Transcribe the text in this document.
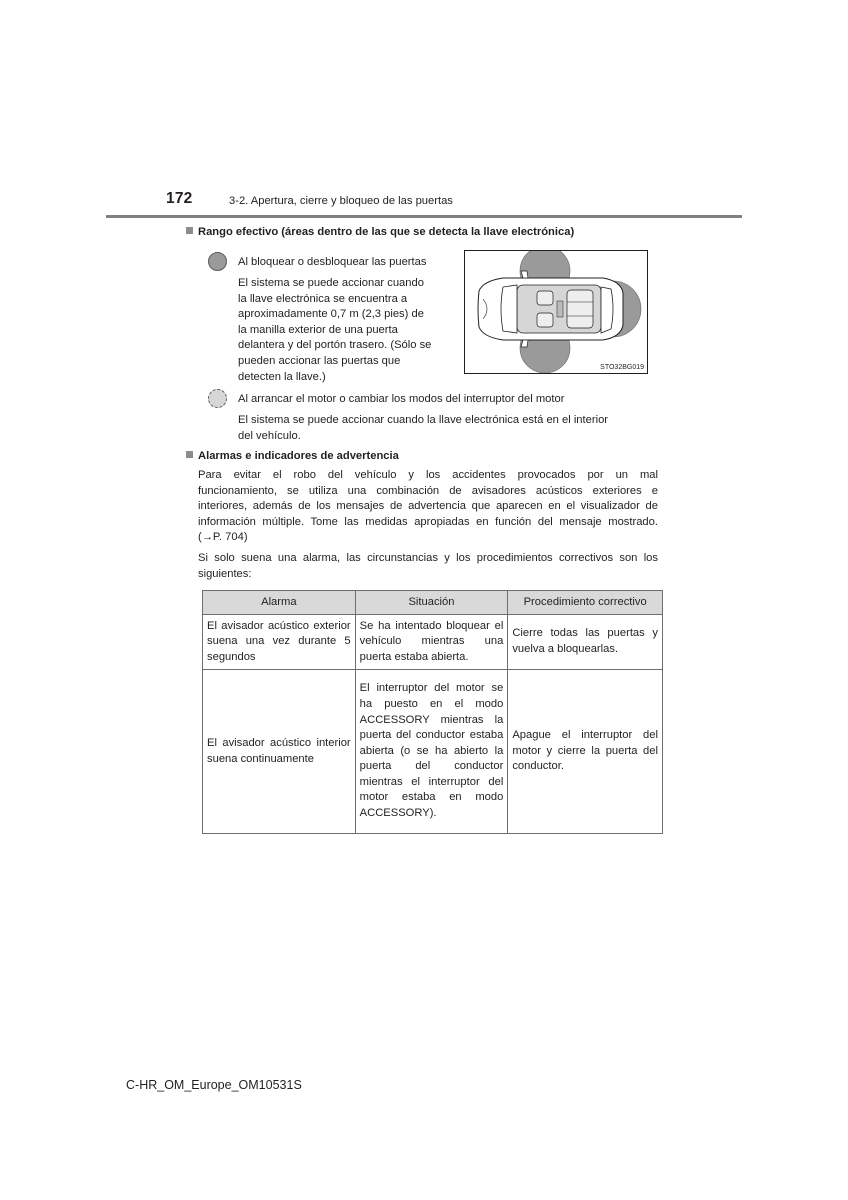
172	3-2. Apertura, cierre y bloqueo de las puertas
Rango efectivo (áreas dentro de las que se detecta la llave electrónica)
Al bloquear o desbloquear las puertas
El sistema se puede accionar cuando
la llave electrónica se encuentra a
aproximadamente 0,7 m (2,3 pies) de
la manilla exterior de una puerta
delantera y del portón trasero. (Sólo se
pueden accionar las puertas que
detecten la llave.)
STO32BG019
Al arrancar el motor o cambiar los modos del interruptor del motor
El sistema se puede accionar cuando la llave electrónica está en el interior
del vehículo.
Alarmas e indicadores de advertencia
Para evitar el robo del vehículo y los accidentes provocados por un mal
funcionamiento, se utiliza una combinación de avisadores acústicos exteriores e
interiores, además de los mensajes de advertencia que aparecen en el visualizador de
información múltiple. Tome las medidas apropiadas en función del mensaje mostrado.
(→P. 704)
Si solo suena una alarma, las circunstancias y los procedimientos correctivos son los
siguientes:
Alarma	Situación	Procedimiento correctivo
El avisador acústico exterior suena una vez durante 5 segundos	Se ha intentado bloquear el vehículo mientras una puerta estaba abierta.	Cierre todas las puertas y vuelva a bloquearlas.
El avisador acústico interior suena continuamente	El interruptor del motor se ha puesto en el modo ACCESSORY mientras la puerta del conductor estaba abierta (o se ha abierto la puerta del conductor mientras el interruptor del motor estaba en modo ACCESSORY).	Apague el interruptor del motor y cierre la puerta del conductor.
C-HR_OM_Europe_OM10531S
